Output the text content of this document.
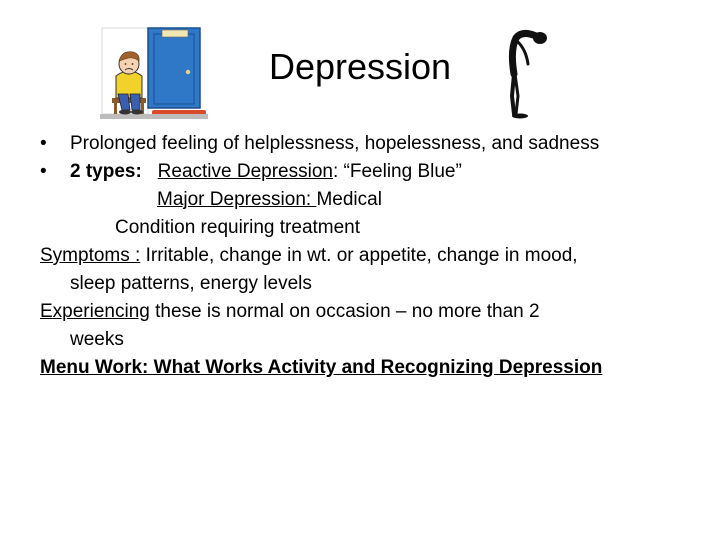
Depression
• Prolonged feeling of helplessness, hopelessness, and sadness
• 2 types: Reactive Depression: “Feeling Blue”
Major Depression: Medical
Condition requiring treatment
Symptoms : Irritable, change in wt. or appetite, change in mood,
sleep patterns, energy levels
Experiencing these is normal on occasion – no more than 2
weeks
Menu Work: What Works Activity and Recognizing Depression
